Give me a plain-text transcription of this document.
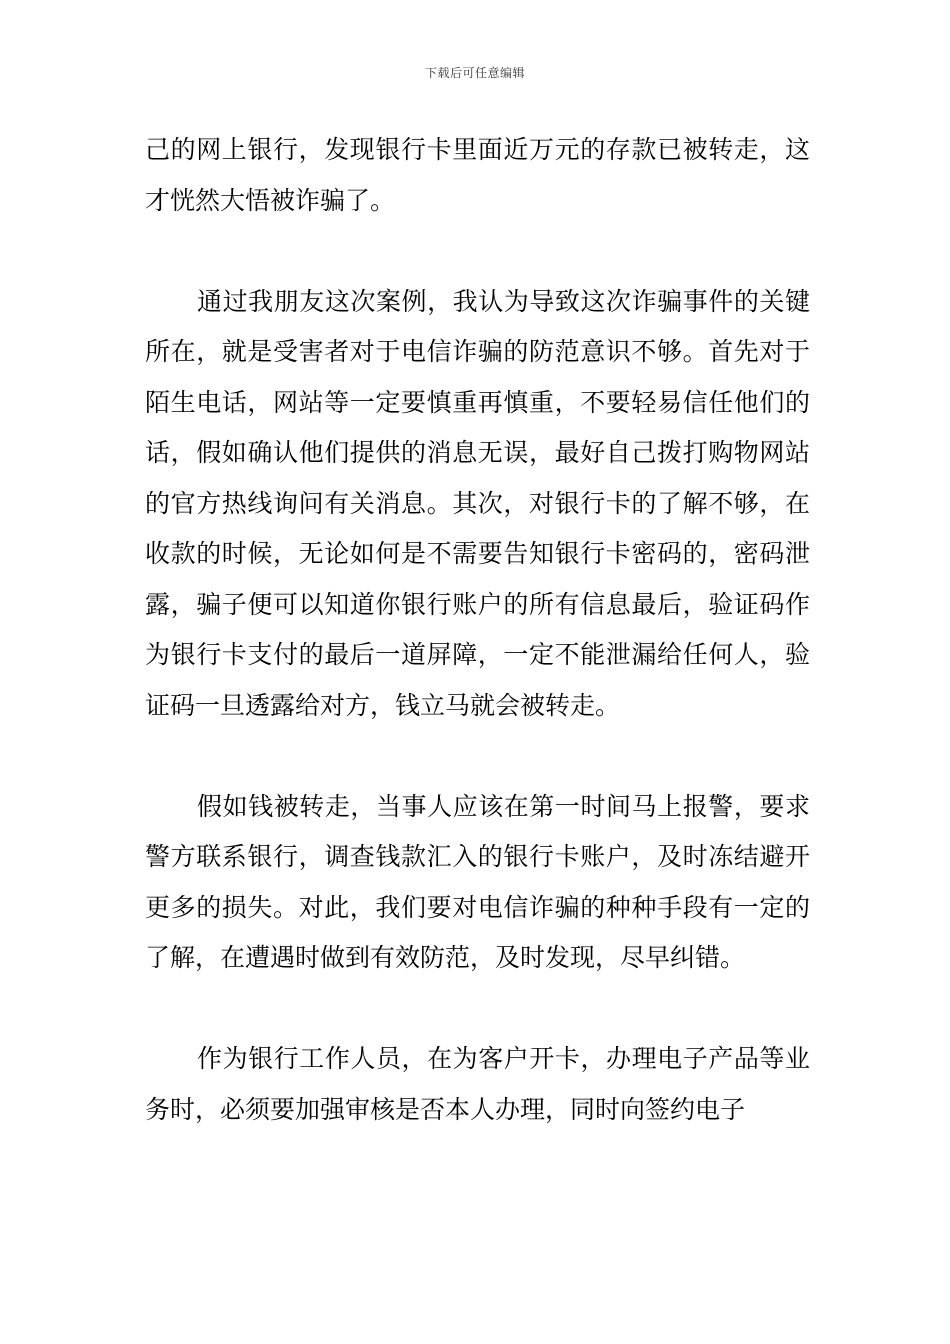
下载后可任意编辑

己的网上银行，发现银行卡里面近万元的存款已被转走，这才恍然大悟被诈骗了。

通过我朋友这次案例，我认为导致这次诈骗事件的关键所在，就是受害者对于电信诈骗的防范意识不够。首先对于陌生电话，网站等一定要慎重再慎重，不要轻易信任他们的话，假如确认他们提供的消息无误，最好自己拨打购物网站的官方热线询问有关消息。其次，对银行卡的了解不够，在收款的时候，无论如何是不需要告知银行卡密码的，密码泄露，骗子便可以知道你银行账户的所有信息最后，验证码作为银行卡支付的最后一道屏障，一定不能泄漏给任何人，验证码一旦透露给对方，钱立马就会被转走。

假如钱被转走，当事人应该在第一时间马上报警，要求警方联系银行，调查钱款汇入的银行卡账户，及时冻结避开更多的损失。对此，我们要对电信诈骗的种种手段有一定的了解，在遭遇时做到有效防范，及时发现，尽早纠错。

作为银行工作人员，在为客户开卡，办理电子产品等业务时，必须要加强审核是否本人办理，同时向签约电子
